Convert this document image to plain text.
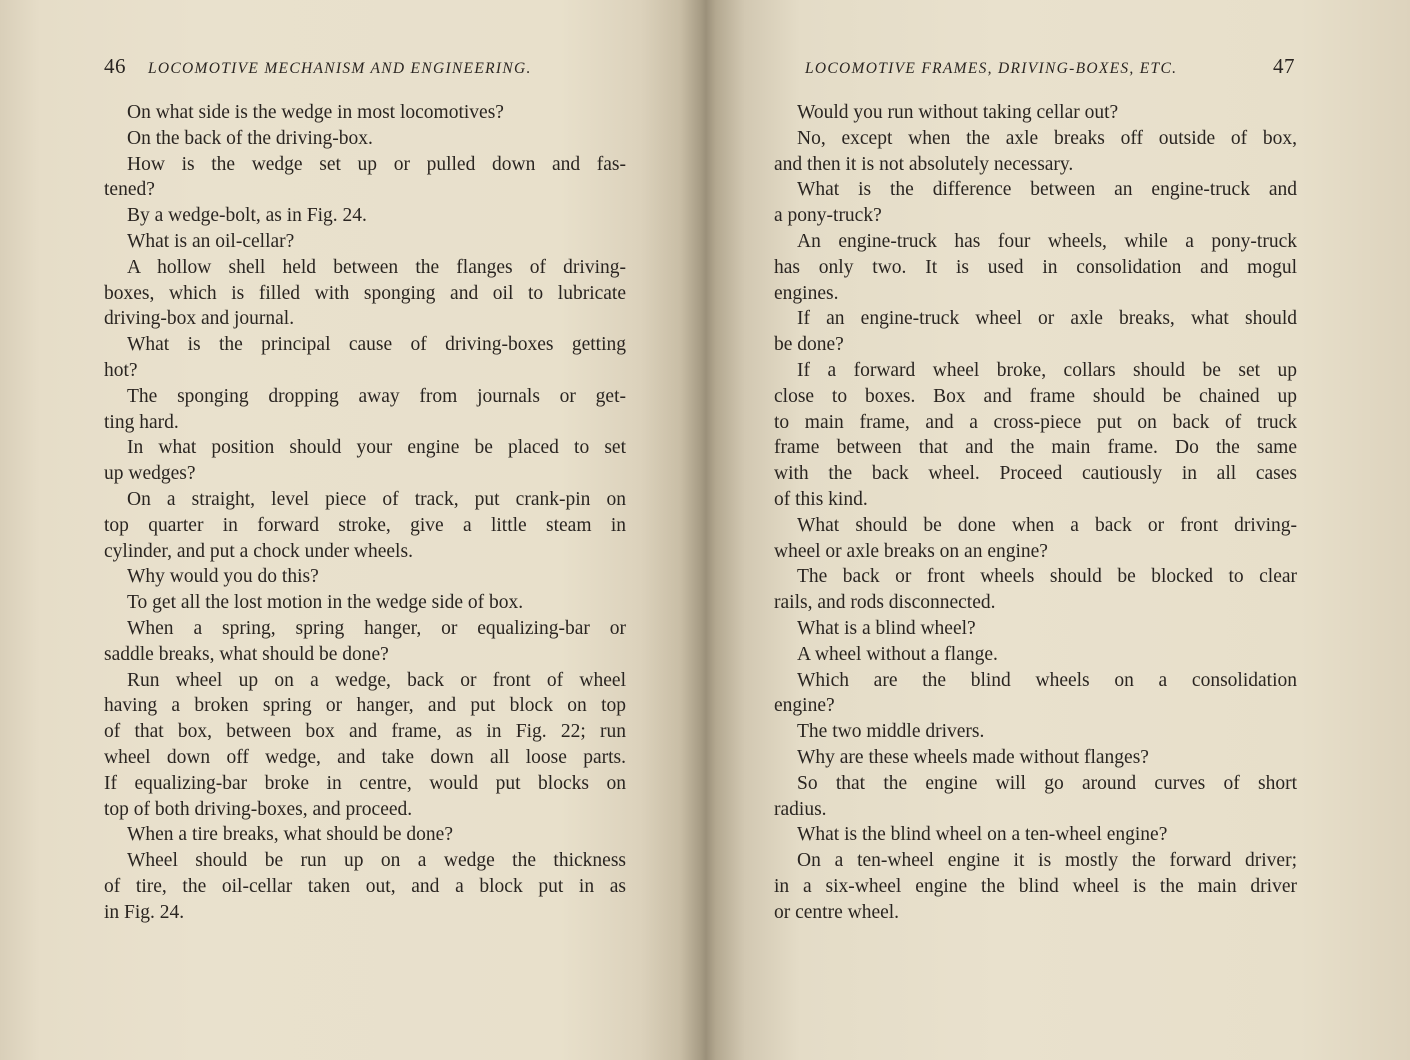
46 LOCOMOTIVE MECHANISM AND ENGINEERING.
On what side is the wedge in most locomotives?
On the back of the driving-box.
How is the wedge set up or pulled down and fas-
tened?
By a wedge-bolt, as in Fig. 24.
What is an oil-cellar?
A hollow shell held between the flanges of driving-
boxes, which is filled with sponging and oil to lubricate
driving-box and journal.
What is the principal cause of driving-boxes getting
hot?
The sponging dropping away from journals or get-
ting hard.
In what position should your engine be placed to set
up wedges?
On a straight, level piece of track, put crank-pin on
top quarter in forward stroke, give a little steam in
cylinder, and put a chock under wheels.
Why would you do this?
To get all the lost motion in the wedge side of box.
When a spring, spring hanger, or equalizing-bar or
saddle breaks, what should be done?
Run wheel up on a wedge, back or front of wheel
having a broken spring or hanger, and put block on top
of that box, between box and frame, as in Fig. 22; run
wheel down off wedge, and take down all loose parts.
If equalizing-bar broke in centre, would put blocks on
top of both driving-boxes, and proceed.
When a tire breaks, what should be done?
Wheel should be run up on a wedge the thickness
of tire, the oil-cellar taken out, and a block put in as
in Fig. 24.
LOCOMOTIVE FRAMES, DRIVING-BOXES, ETC.	47
Would you run without taking cellar out?
No, except when the axle breaks off outside of box,
and then it is not absolutely necessary.
What is the difference between an engine-truck and
a pony-truck?
An engine-truck has four wheels, while a pony-truck
has only two. It is used in consolidation and mogul
engines.
If an engine-truck wheel or axle breaks, what should
be done?
If a forward wheel broke, collars should be set up
close to boxes. Box and frame should be chained up
to main frame, and a cross-piece put on back of truck
frame between that and the main frame. Do the same
with the back wheel. Proceed cautiously in all cases
of this kind.
What should be done when a back or front driving-
wheel or axle breaks on an engine?
The back or front wheels should be blocked to clear
rails, and rods disconnected.
What is a blind wheel?
A wheel without a flange.
Which are the blind wheels on a consolidation
engine?
The two middle drivers.
Why are these wheels made without flanges?
So that the engine will go around curves of short
radius.
What is the blind wheel on a ten-wheel engine?
On a ten-wheel engine it is mostly the forward driver;
in a six-wheel engine the blind wheel is the main driver
or centre wheel.
